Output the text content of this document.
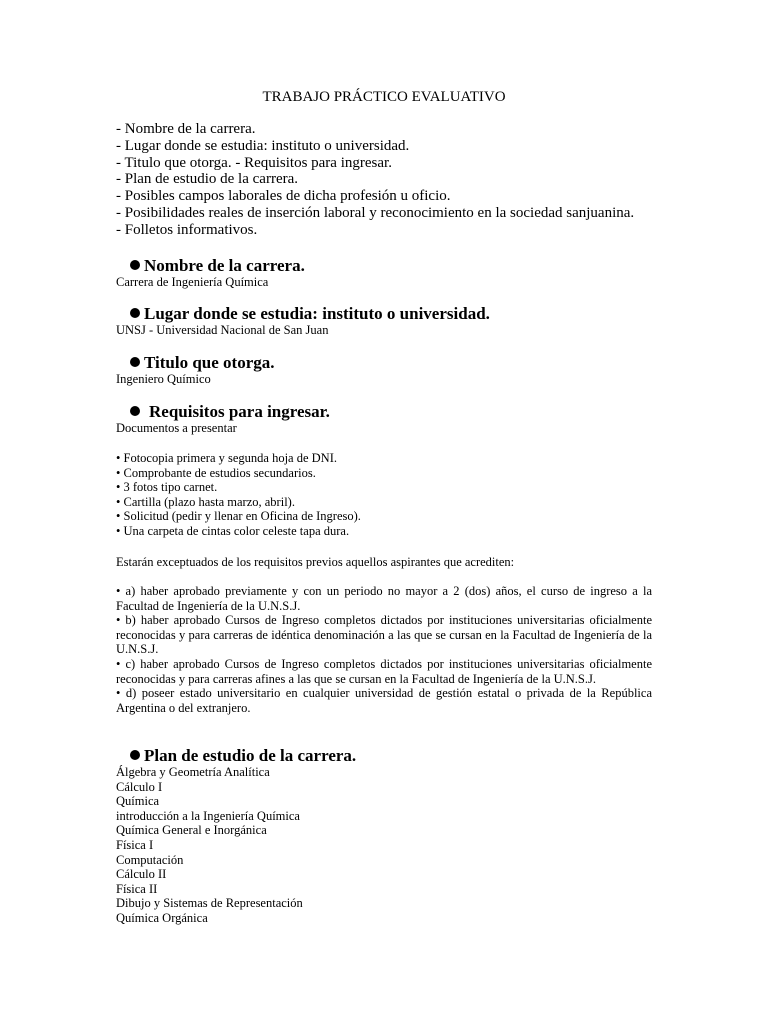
TRABAJO PRÁCTICO EVALUATIVO
- Nombre de la carrera.
- Lugar donde se estudia: instituto o universidad.
- Titulo que otorga. - Requisitos para ingresar.
- Plan de estudio de la carrera.
- Posibles campos laborales de dicha profesión u oficio.
- Posibilidades reales de inserción laboral y reconocimiento en la sociedad sanjuanina.
- Folletos informativos.
Nombre de la carrera.
Carrera de Ingeniería Química
Lugar donde se estudia: instituto o universidad.
UNSJ - Universidad Nacional de San Juan
Titulo que otorga.
Ingeniero Químico
Requisitos para ingresar.
Documentos a presentar
• Fotocopia primera y segunda hoja de DNI.
• Comprobante de estudios secundarios.
• 3 fotos tipo carnet.
• Cartilla (plazo hasta marzo, abril).
• Solicitud (pedir y llenar en Oficina de Ingreso).
• Una carpeta de cintas color celeste tapa dura.
Estarán exceptuados de los requisitos previos aquellos aspirantes que acrediten:

• a) haber aprobado previamente y con un periodo no mayor a 2 (dos) años, el curso de ingreso a la Facultad de Ingeniería de la U.N.S.J.

• b) haber aprobado Cursos de Ingreso completos dictados por instituciones universitarias oficialmente reconocidas y para carreras de idéntica denominación a las que se cursan en la Facultad de Ingeniería de la U.N.S.J.

• c) haber aprobado Cursos de Ingreso completos dictados por instituciones universitarias oficialmente reconocidas y para carreras afines a las que se cursan en la Facultad de Ingeniería de la U.N.S.J.

• d) poseer estado universitario en cualquier universidad de gestión estatal o privada de la República Argentina o del extranjero.

Plan de estudio de la carrera.
Álgebra y Geometría Analítica
Cálculo I
Química
introducción a la Ingeniería Química
Química General e Inorgánica
Física I
Computación
Cálculo II
Física II
Dibujo y Sistemas de Representación
Química Orgánica
